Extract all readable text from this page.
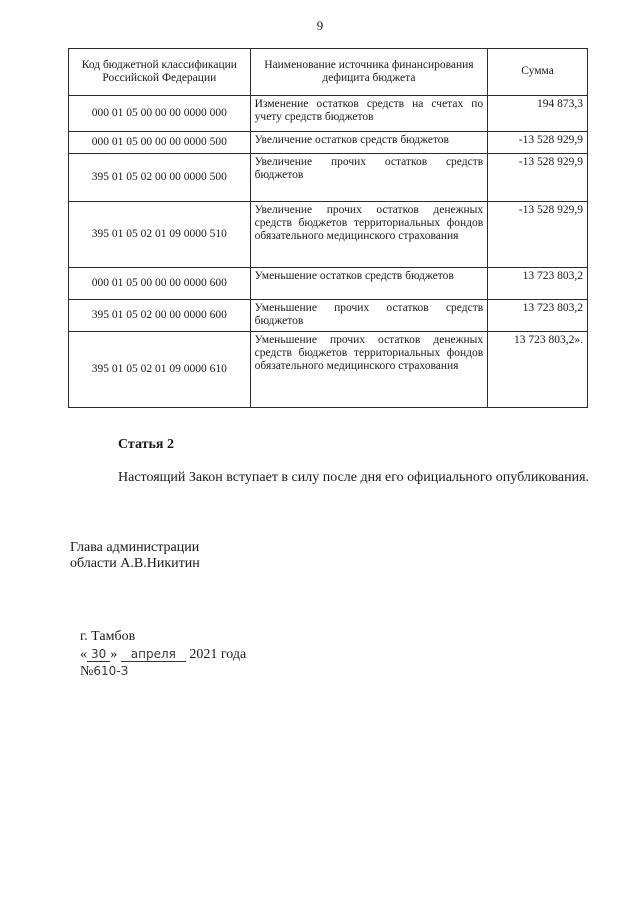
9
Код бюджетной классификации Российской Федерации	Наименование источника финансирования дефицита бюджета	Сумма
000 01 05 00 00 00 0000 000	Изменение остатков средств на счетах по учету средств бюджетов	194 873,3
000 01 05 00 00 00 0000 500	Увеличение остатков средств бюджетов	-13 528 929,9
395 01 05 02 00 00 0000 500	Увеличение прочих остатков средств бюджетов	-13 528 929,9
395 01 05 02 01 09 0000 510	Увеличение прочих остатков денежных средств бюджетов территориальных фондов обязательного медицинского страхования	-13 528 929,9
000 01 05 00 00 00 0000 600	Уменьшение остатков средств бюджетов	13 723 803,2
395 01 05 02 00 00 0000 600	Уменьшение прочих остатков средств бюджетов	13 723 803,2
395 01 05 02 01 09 0000 610	Уменьшение прочих остатков денежных средств бюджетов территориальных фондов обязательного медицинского страхования	13 723 803,2».
Статья 2
Настоящий Закон вступает в силу после дня его официального опубликования.
Глава администрации
области А.В.Никитин
г. Тамбов
« 30 » апреля 2021 года
№610-З
